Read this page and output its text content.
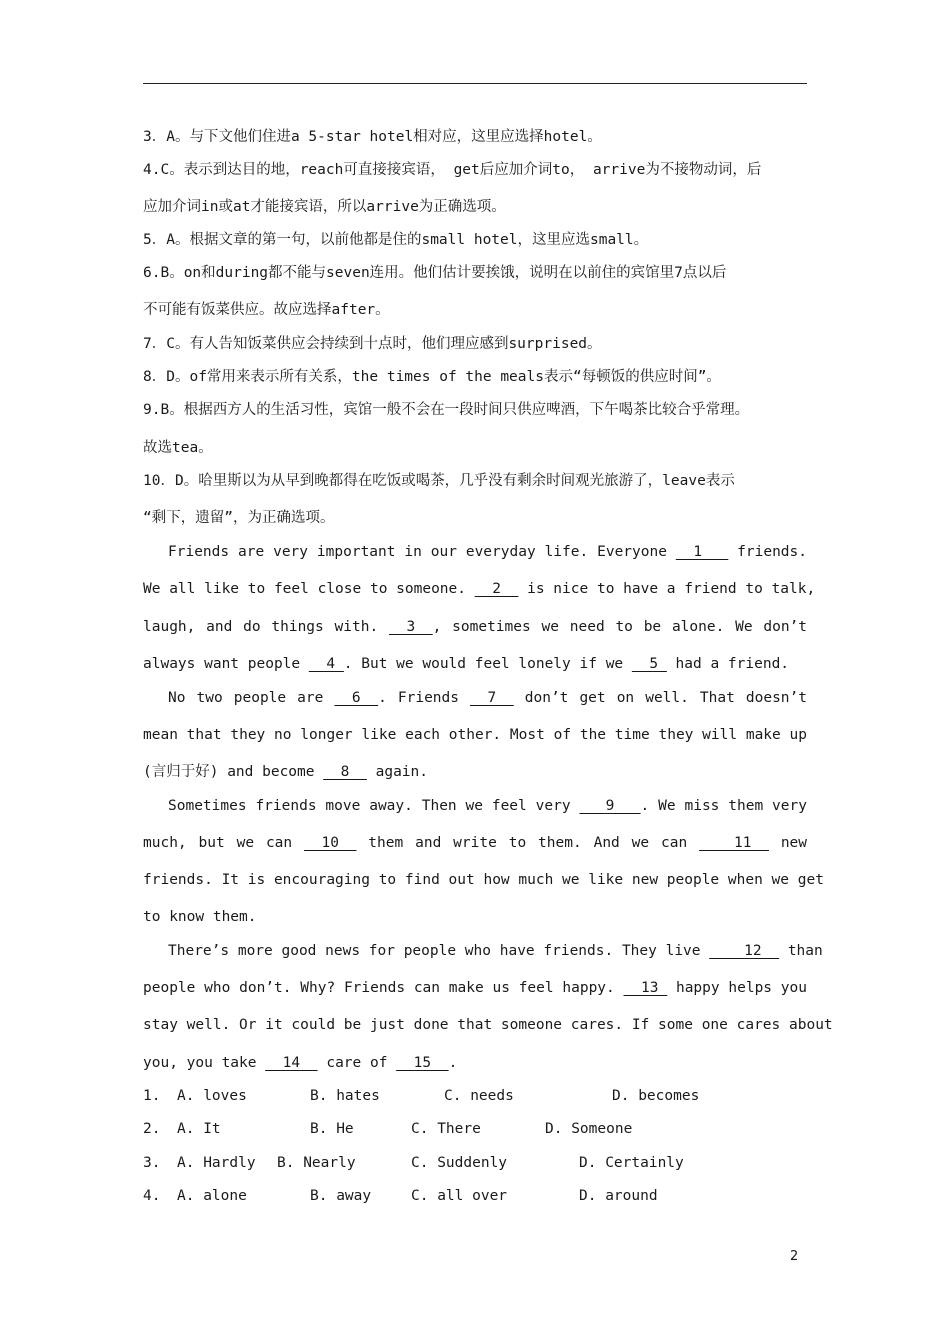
3．A。与下文他们住进a 5-star hotel相对应，这里应选择hotel。
4.C。表示到达目的地，reach可直接接宾语， get后应加介词to， arrive为不接物动词，后
应加介词in或at才能接宾语，所以arrive为正确选项。
5．A。根据文章的第一句，以前他都是住的small hotel，这里应选small。
6.B。on和during都不能与seven连用。他们估计要挨饿，说明在以前住的宾馆里7点以后
不可能有饭菜供应。故应选择after。
7．C。有人告知饭菜供应会持续到十点时，他们理应感到surprised。
8．D。of常用来表示所有关系，the times of the meals表示“每顿饭的供应时间”。
9.B。根据西方人的生活习性，宾馆一般不会在一段时间只供应啤酒，下午喝茶比较合乎常理。
故选tea。
10．D。哈里斯以为从早到晚都得在吃饭或喝茶，几乎没有剩余时间观光旅游了，leave表示
“剩下，遗留”，为正确选项。
Friends are very important in our everyday life. Everyone __1___ friends.
We all like to feel close to someone. __2__ is nice to have a friend to talk,
laugh, and do things with. __3__, sometimes we need to be alone. We don’t
always want people __4_. But we would feel lonely if we __5_ had a friend.
No two people are __6__. Friends __7__ don’t get on well. That doesn’t
mean that they no longer like each other. Most of the time they will make up
(言归于好) and become __8__ again.
Sometimes friends move away. Then we feel very ___9___. We miss them very
much, but we can __10__ them and write to them. And we can ____11__ new
friends. It is encouraging to find out how much we like new people when we get
to know them.
There’s more good news for people who have friends. They live ____12__ than
people who don’t. Why? Friends can make us feel happy. __13_ happy helps you
stay well. Or it could be just done that someone cares. If some one cares about
you, you take __14__ care of __15__.
1. A. loves	B. hates	C. needs	D. becomes
2. A. It	B. He	C. There	D. Someone
3. A. Hardly B. Nearly	C. Suddenly	D. Certainly
4. A. alone	B. away	C. all over	D. around
2
